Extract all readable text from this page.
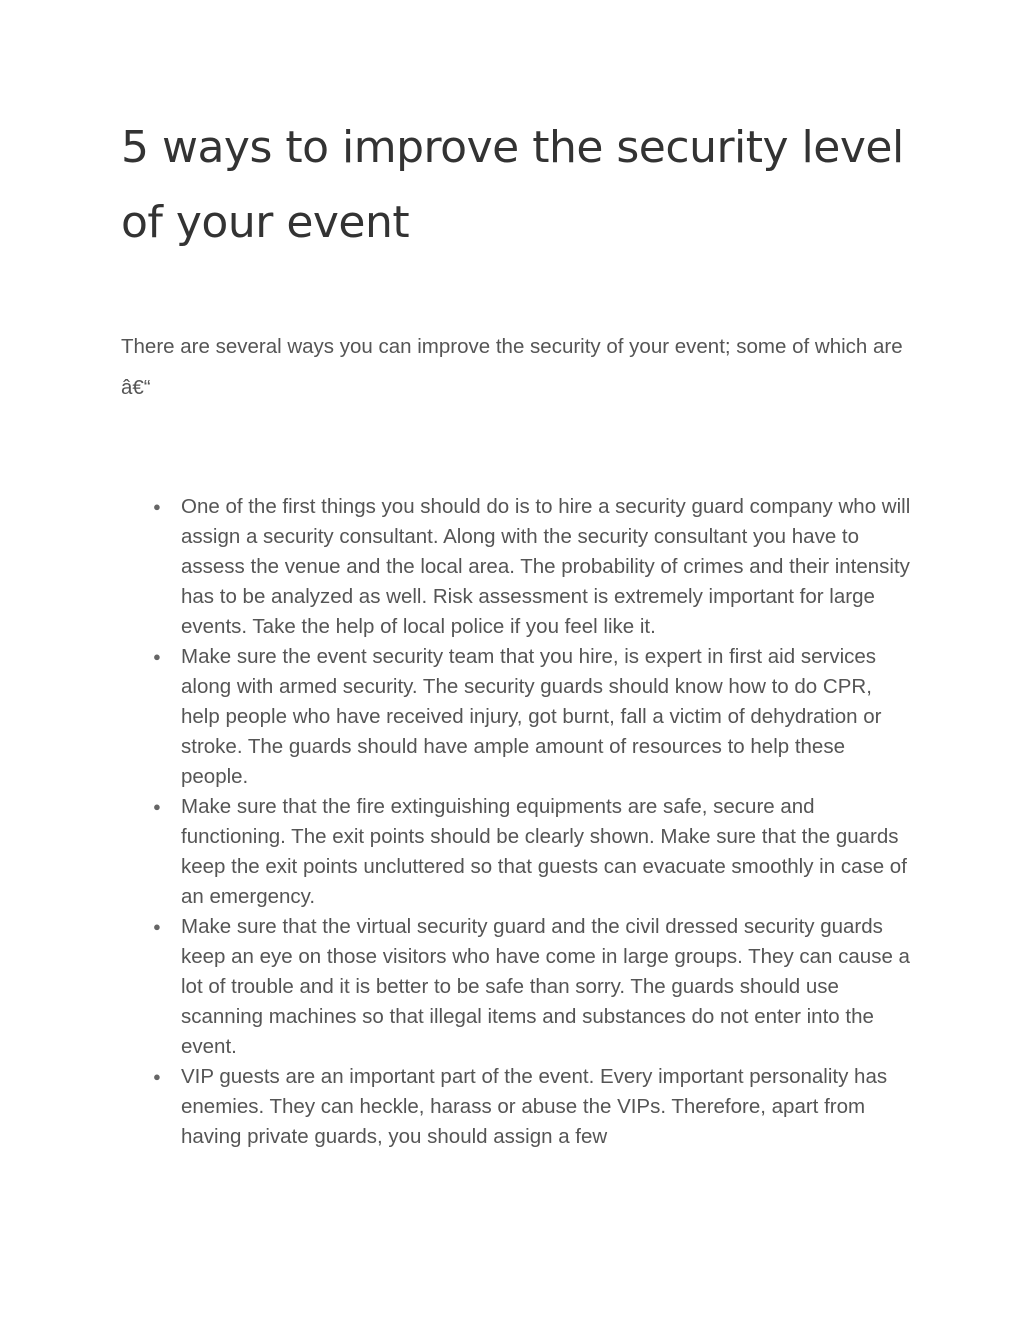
5 ways to improve the security level of your event

There are several ways you can improve the security of your event; some of which are â€“

● One of the first things you should do is to hire a security guard company who will assign a security consultant. Along with the security consultant you have to assess the venue and the local area. The probability of crimes and their intensity has to be analyzed as well. Risk assessment is extremely important for large events. Take the help of local police if you feel like it.
● Make sure the event security team that you hire, is expert in first aid services along with armed security. The security guards should know how to do CPR, help people who have received injury, got burnt, fall a victim of dehydration or stroke. The guards should have ample amount of resources to help these people.
● Make sure that the fire extinguishing equipments are safe, secure and functioning. The exit points should be clearly shown. Make sure that the guards keep the exit points uncluttered so that guests can evacuate smoothly in case of an emergency.
● Make sure that the virtual security guard and the civil dressed security guards keep an eye on those visitors who have come in large groups. They can cause a lot of trouble and it is better to be safe than sorry. The guards should use scanning machines so that illegal items and substances do not enter into the event.
● VIP guests are an important part of the event. Every important personality has enemies. They can heckle, harass or abuse the VIPs. Therefore, apart from having private guards, you should assign a few
